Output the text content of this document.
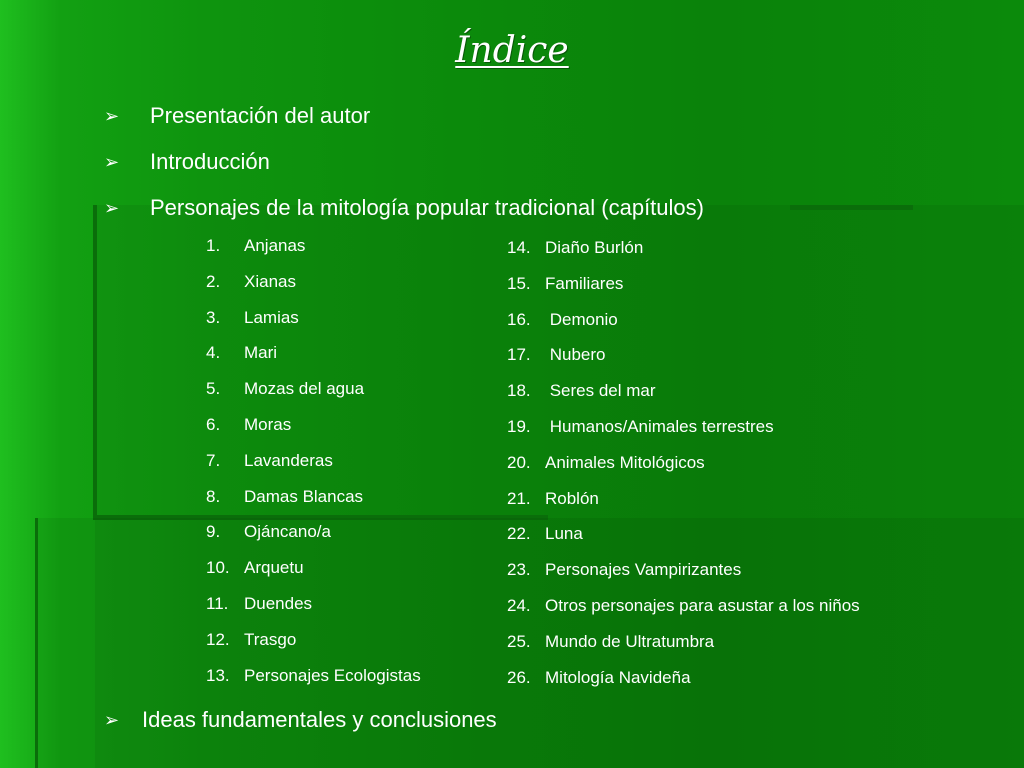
Índice
➢	Presentación del autor
➢	Introducción
➢	Personajes de la mitología popular tradicional (capítulos)
1.	Anjanas
2.	Xianas
3.	Lamias
4.	Mari
5.	Mozas del agua
6.	Moras
7.	Lavanderas
8.	Damas Blancas
9.	Ojáncano/a
10. Arquetu
11. Duendes
12. Trasgo
13. Personajes Ecologistas
14. Diaño Burlón
15. Familiares
16. Demonio
17. Nubero
18. Seres del mar
19. Humanos/Animales terrestres
20. Animales Mitológicos
21. Roblón
22. Luna
23. Personajes Vampirizantes
24. Otros personajes para asustar a los niños
25. Mundo de Ultratumbra
26. Mitología Navideña
➢	Ideas fundamentales y conclusiones
